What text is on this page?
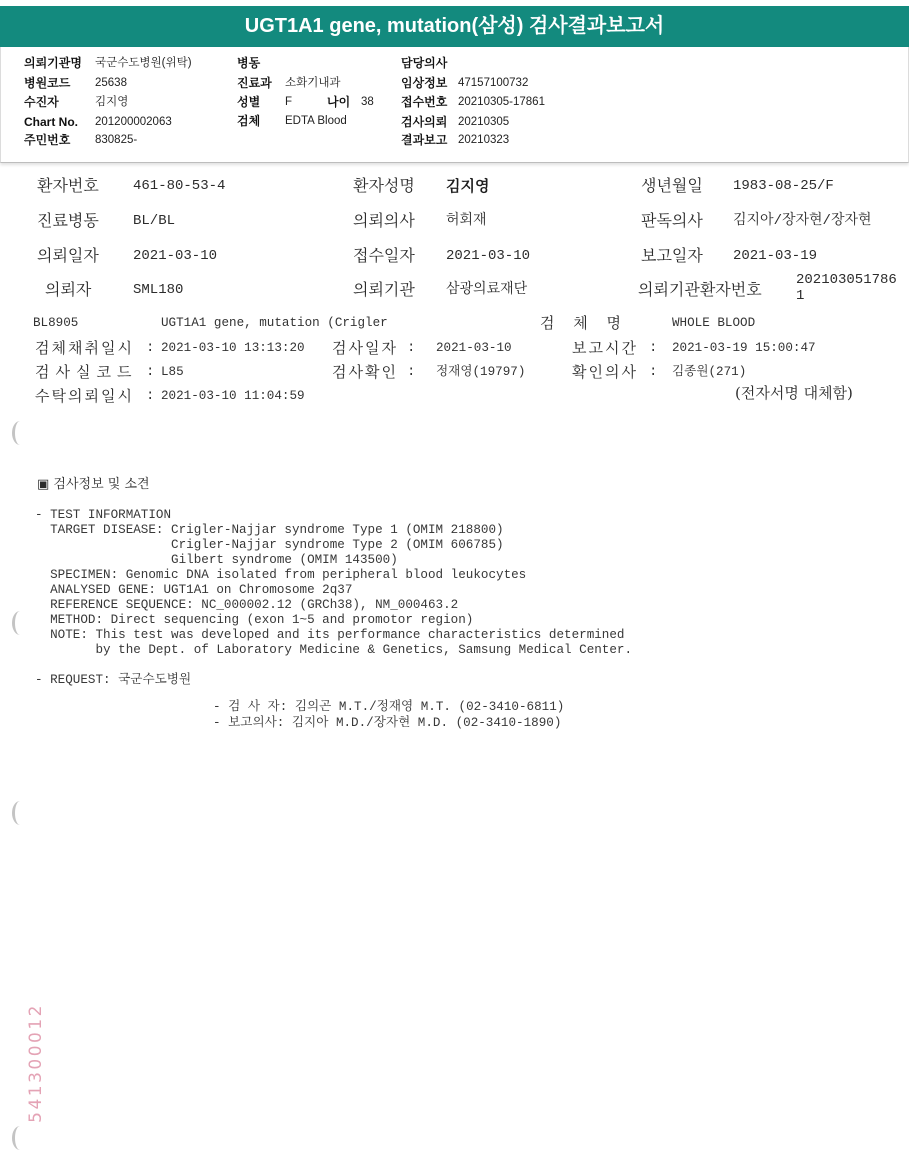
UGT1A1 gene, mutation(삼성) 검사결과보고서
의뢰기관명 국군수도병원(위탁)
병원코드 25638
수진자	김지영
Chart No. 201200002063
주민번호 830825-
병동
진료과 소화기내과
성별 F	나이 38
검체 EDTA Blood
담당의사
임상정보 47157100732
접수번호 20210305-17861
검사의뢰 20210305
결과보고 20210323
환자번호 461-80-53-4	환자성명 김지영	생년월일 1983-08-25/F
진료병동 BL/BL	의뢰의사 허회재	판독의사 김지아/장자현/장자현
의뢰일자 2021-03-10	접수일자 2021-03-10	보고일자 2021-03-19
의뢰자	SML180	의뢰기관 삼광의료재단	의뢰기관환자번호 2021030517861
BL8905	UGT1A1 gene, mutation (Crigler	검 체 명	WHOLE BLOOD
검체채취일시 : 2021-03-10 13:13:20 검사일자 : 2021-03-10	보고시간 : 2021-03-19 15:00:47
검사실코드 : L85	검사확인 : 정재영(19797)	확인의사 : 김종원(271)
수탁의뢰일시 : 2021-03-10 11:04:59	(전자서명 대체함)
▣ 검사정보 및 소견
- TEST INFORMATION
TARGET DISEASE: Crigler-Najjar syndrome Type 1 (OMIM 218800)
Crigler-Najjar syndrome Type 2 (OMIM 606785)
Gilbert syndrome (OMIM 143500)
SPECIMEN: Genomic DNA isolated from peripheral blood leukocytes
ANALYSED GENE: UGT1A1 on Chromosome 2q37
REFERENCE SEQUENCE: NC_000002.12 (GRCh38), NM_000463.2
METHOD: Direct sequencing (exon 1~5 and promotor region)
NOTE: This test was developed and its performance characteristics determined
by the Dept. of Laboratory Medicine & Genetics, Samsung Medical Center.
- REQUEST: 국군수도병원
- 검 사 자: 김의곤 M.T./정재영 M.T. (02-3410-6811)
- 보고의사: 김지아 M.D./장자현 M.D. (02-3410-1890)
541300012
